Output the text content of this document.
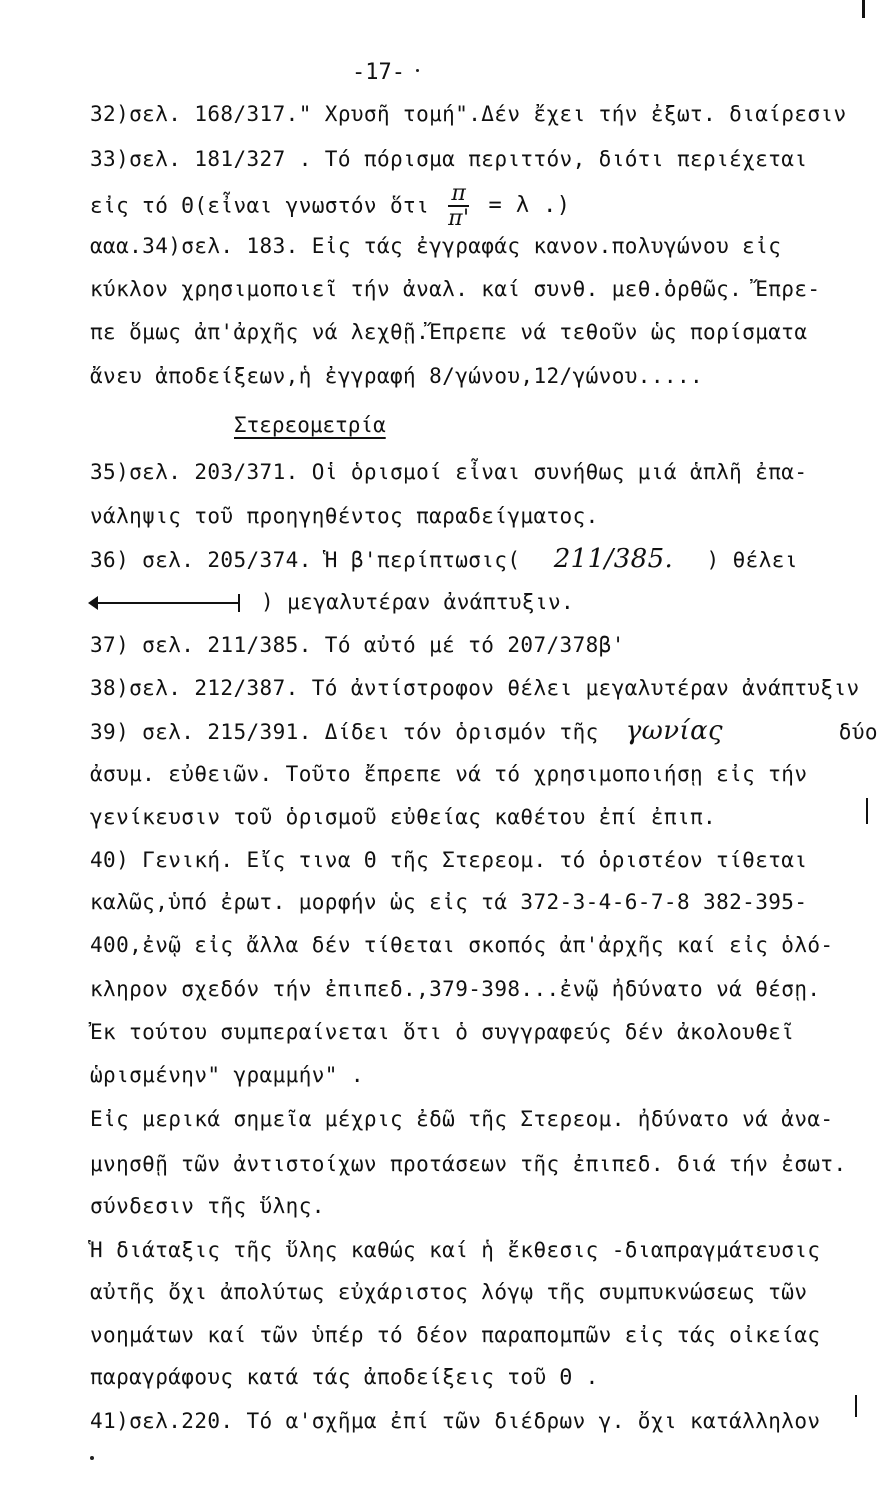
-17-
32)σελ. 168/317." Χρυσῆ τομή".Δέν ἔχει τήν ἐξωτ. διαίρεσιν
33)σελ. 181/327 . Τό πόρισμα περιττόν, διότι περιέχεται
εἰς τό Θ(εἶναι γνωστόν ὅτι $\frac{\pi}{\pi'} = \lambda$ .)
ααα.34)σελ. 183. Εἰς τάς ἐγγραφάς κανον.πολυγώνου εἰς
κύκλον χρησιμοποιεῖ τήν ἀναλ. καί συνθ. μεθ.ὀρθῶς. Ἔπρε-
πε ὅμως ἀπ'ἀρχῆς νά λεχθῇ.Ἔπρεπε νά τεθοῦν ὡς πορίσματα
ἄνευ ἀποδείξεων,ἡ ἐγγραφή 8/γώνου,12/γώνου.....
Στερεομετρία
35)σελ. 203/371. Οἱ ὁρισμοί εἶναι συνήθως μιά ἁπλῆ ἐπα-
νάληψις τοῦ προηγηθέντος παραδείγματος.
36) σελ. 205/374. Ἡ β'περίπτωσις( 211/385. ) θέλει
) μεγαλυτέραν ἀνάπτυξιν.
37) σελ. 211/385. Τό αὐτό μέ τό 207/378β'
38)σελ. 212/387. Τό ἀντίστροφον θέλει μεγαλυτέραν ἀνάπτυξιν
39) σελ. 215/391. Δίδει τόν ὁρισμόν τῆς γωνίας	δύο
ἀσυμ. εὐθειῶν. Τοῦτο ἔπρεπε νά τό χρησιμοποιήσῃ εἰς τήν
γενίκευσιν τοῦ ὁρισμοῦ εὐθείας καθέτου ἐπί ἐπιπ.
40) Γενική. Εἴς τινα Θ τῆς Στερεομ. τό ὁριστέον τίθεται
καλῶς,ὑπό ἐρωτ. μορφήν ὡς εἰς τά 372-3-4-6-7-8 382-395-
400,ἐνῷ εἰς ἄλλα δέν τίθεται σκοπός ἀπ'ἀρχῆς καί εἰς ὁλό-
κληρον σχεδόν τήν ἐπιπεδ.,379-398...ἐνῷ ἠδύνατο νά θέσῃ.
Ἐκ τούτου συμπεραίνεται ὅτι ὁ συγγραφεύς δέν ἀκολουθεῖ
ὡρισμένην" γραμμήν" .
Εἰς μερικά σημεῖα μέχρις ἐδῶ τῆς Στερεομ. ἠδύνατο νά ἀνα-
μνησθῇ τῶν ἀντιστοίχων προτάσεων τῆς ἐπιπεδ. διά τήν ἐσωτ.
σύνδεσιν τῆς ὕλης.
Ἡ διάταξις τῆς ὕλης καθώς καί ἡ ἔκθεσις -διαπραγμάτευσις
αὐτῆς ὄχι ἀπολύτως εὐχάριστος λόγῳ τῆς συμπυκνώσεως τῶν
νοημάτων καί τῶν ὑπέρ τό δέον παραπομπῶν εἰς τάς οἰκείας
παραγράφους κατά τάς ἀποδείξεις τοῦ Θ .
41)σελ.220. Τό α'σχῆμα ἐπί τῶν διέδρων γ. ὄχι κατάλληλον
